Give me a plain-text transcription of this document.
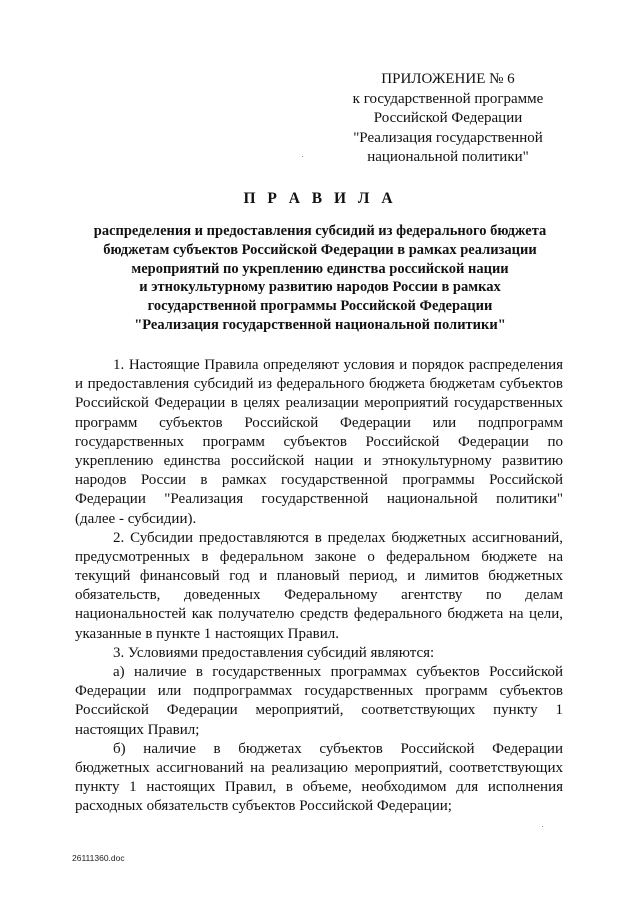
ПРИЛОЖЕНИЕ № 6
к государственной программе
Российской Федерации
"Реализация государственной
национальной политики"
П Р А В И Л А
распределения и предоставления субсидий из федерального бюджета
бюджетам субъектов Российской Федерации в рамках реализации
мероприятий по укреплению единства российской нации
и этнокультурному развитию народов России в рамках
государственной программы Российской Федерации
"Реализация государственной национальной политики"
1. Настоящие Правила определяют условия и порядок распределения
и предоставления субсидий из федерального бюджета бюджетам субъектов
Российской Федерации в целях реализации мероприятий государственных
программ субъектов Российской Федерации или подпрограмм
государственных программ субъектов Российской Федерации по
укреплению единства российской нации и этнокультурному развитию
народов России в рамках государственной программы Российской
Федерации "Реализация государственной национальной политики"
(далее - субсидии).
2. Субсидии предоставляются в пределах бюджетных ассигнований,
предусмотренных в федеральном законе о федеральном бюджете на
текущий финансовый год и плановый период, и лимитов бюджетных
обязательств, доведенных Федеральному агентству по делам
национальностей как получателю средств федерального бюджета на цели,
указанные в пункте 1 настоящих Правил.
3. Условиями предоставления субсидий являются:
а) наличие в государственных программах субъектов Российской
Федерации или подпрограммах государственных программ субъектов
Российской Федерации мероприятий, соответствующих пункту 1
настоящих Правил;
б) наличие в бюджетах субъектов Российской Федерации
бюджетных ассигнований на реализацию мероприятий, соответствующих
пункту 1 настоящих Правил, в объеме, необходимом для исполнения
расходных обязательств субъектов Российской Федерации;
26111360.doc
